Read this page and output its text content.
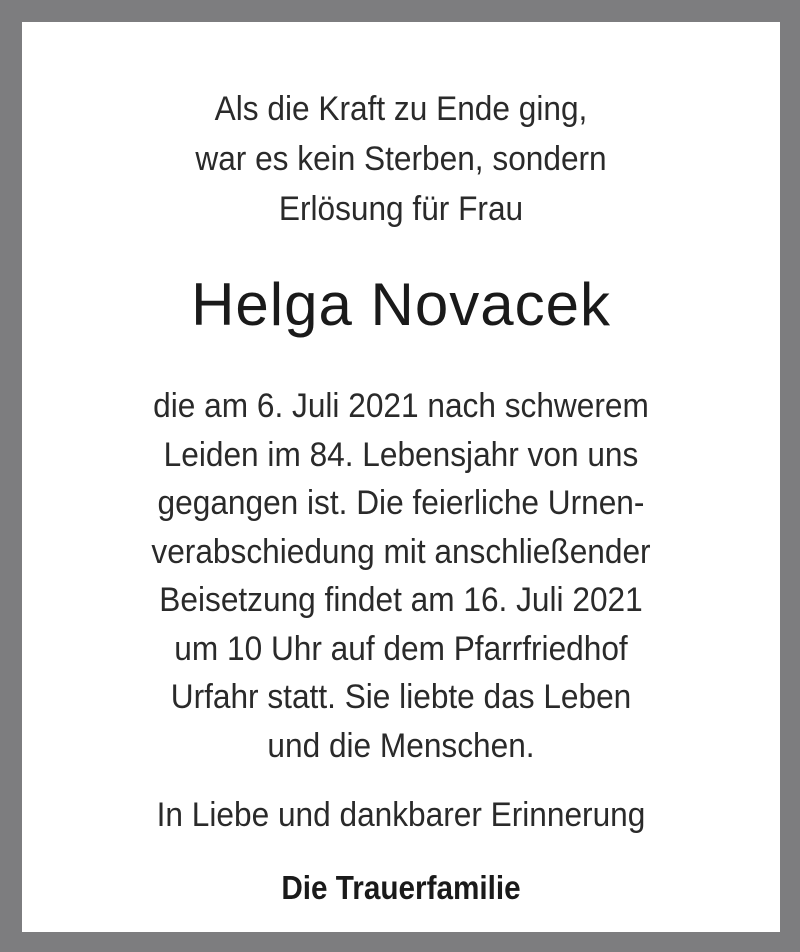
Als die Kraft zu Ende ging,
war es kein Sterben, sondern
Erlösung für Frau
Helga Novacek
die am 6. Juli 2021 nach schwerem
Leiden im 84. Lebensjahr von uns
gegangen ist. Die feierliche Urnen-
verabschiedung mit anschließender
Beisetzung findet am 16. Juli 2021
um 10 Uhr auf dem Pfarrfriedhof
Urfahr statt. Sie liebte das Leben
und die Menschen.
In Liebe und dankbarer Erinnerung
Die Trauerfamilie
